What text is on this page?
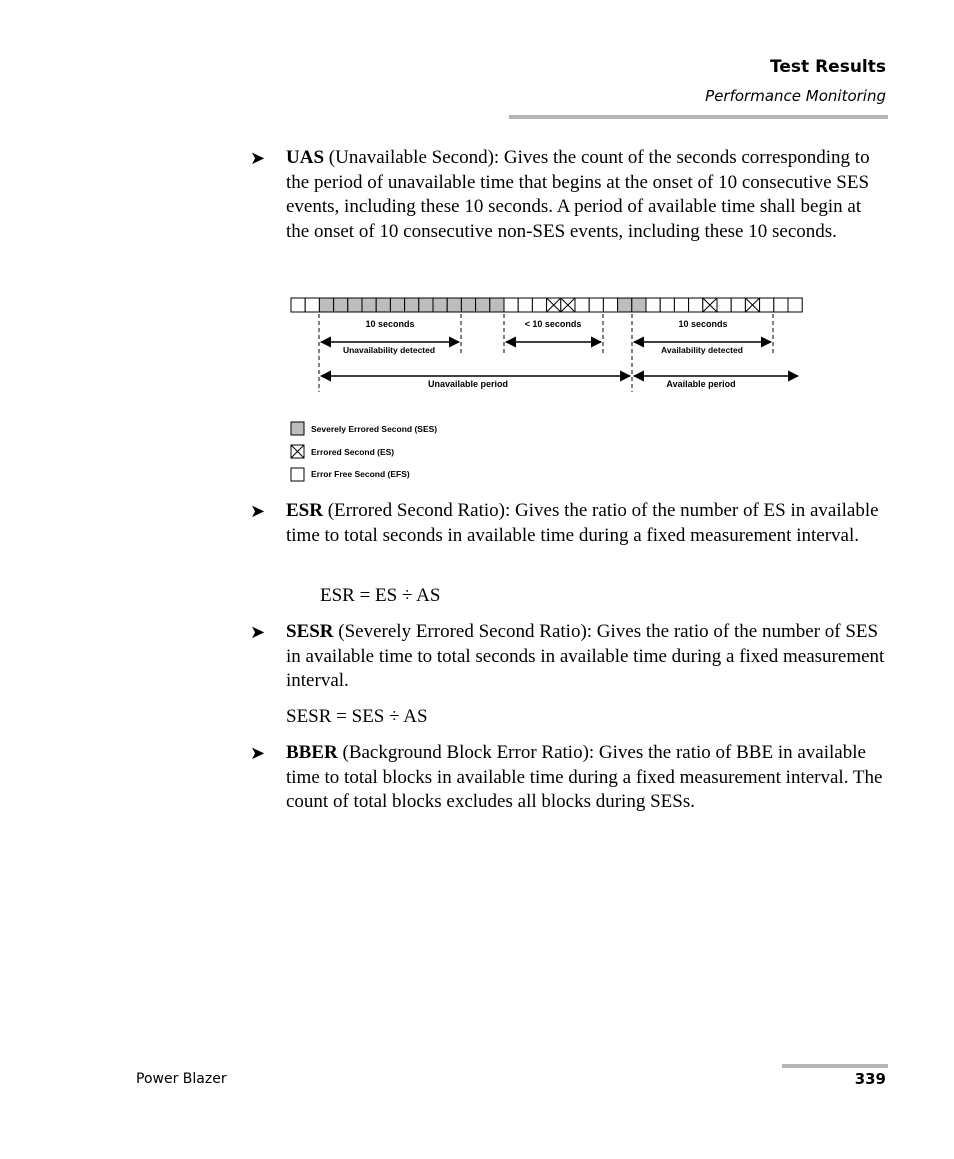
Test Results
Performance Monitoring
➤ UAS (Unavailable Second): Gives the count of the seconds corresponding to the period of unavailable time that begins at the onset of 10 consecutive SES events, including these 10 seconds. A period of available time shall begin at the onset of 10 consecutive non-SES events, including these 10 seconds.
➤ ESR (Errored Second Ratio): Gives the ratio of the number of ES in available time to total seconds in available time during a fixed measurement interval.
ESR = ES ÷ AS
➤ SESR (Severely Errored Second Ratio): Gives the ratio of the number of SES in available time to total seconds in available time during a fixed measurement interval.
SESR = SES ÷ AS
➤ BBER (Background Block Error Ratio): Gives the ratio of BBE in available time to total blocks in available time during a fixed measurement interval. The count of total blocks excludes all blocks during SESs.
10 seconds	< 10 seconds	10 seconds
Unavailability detected	Availability detected
Unavailable period	Available period
Severely Errored Second (SES)
Errored Second (ES)
Error Free Second (EFS)
Power Blazer	339
